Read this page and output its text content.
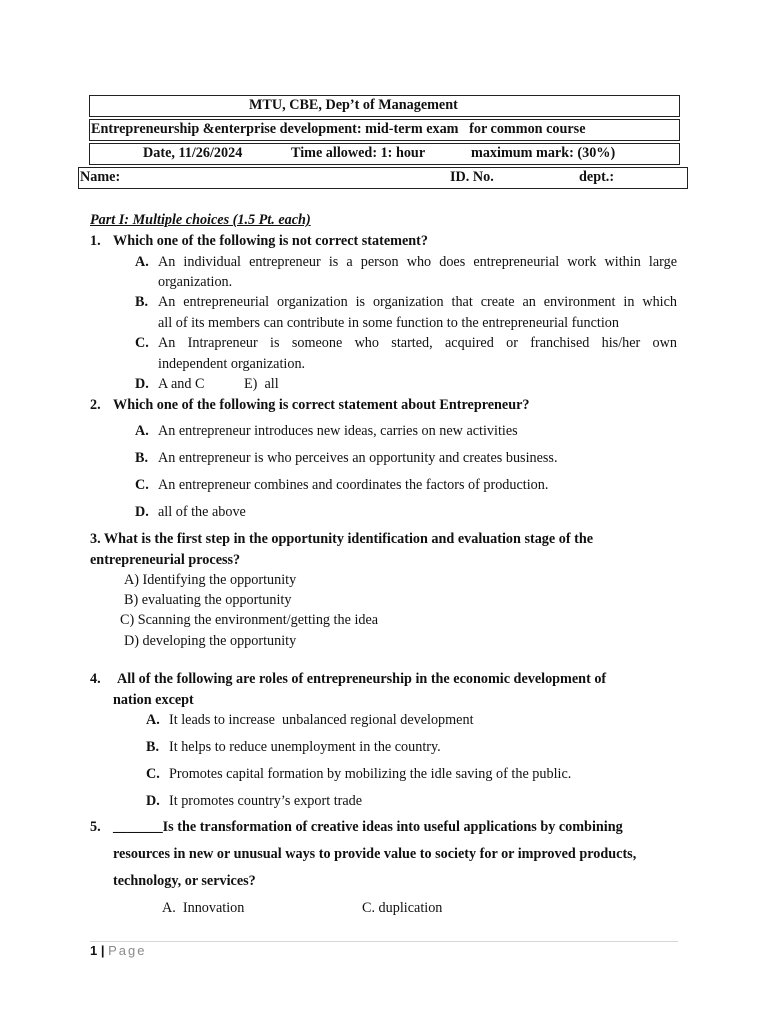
MTU, CBE, Dep’t of Management
Entrepreneurship &enterprise development: mid-term exam   for common course
Date, 11/26/2024	Time allowed: 1: hour	maximum mark: (30%)
Name:	ID. No.	dept.:
Part I: Multiple choices (1.5 Pt. each)
1. Which one of the following is not correct statement?
A. An individual entrepreneur is a person who does entrepreneurial work within large
organization.
B. An entrepreneurial organization is organization that create an environment in which
all of its members can contribute in some function to the entrepreneurial function
C. An Intrapreneur is someone who started, acquired or franchised his/her own
independent organization.
D. A and C	E)  all
2. Which one of the following is correct statement about Entrepreneur?
A. An entrepreneur introduces new ideas, carries on new activities
B. An entrepreneur is who perceives an opportunity and creates business.
C. An entrepreneur combines and coordinates the factors of production.
D. all of the above
3. What is the first step in the opportunity identification and evaluation stage of the
entrepreneurial process?
A) Identifying the opportunity
B) evaluating the opportunity
C) Scanning the environment/getting the idea
D) developing the opportunity
4. All of the following are roles of entrepreneurship in the economic development of
nation except
A. It leads to increase  unbalanced regional development
B. It helps to reduce unemployment in the country.
C. Promotes capital formation by mobilizing the idle saving of the public.
D. It promotes country’s export trade
5. _______Is the transformation of creative ideas into useful applications by combining
resources in new or unusual ways to provide value to society for or improved products,
technology, or services?
A.  Innovation	C. duplication
1 | Page
